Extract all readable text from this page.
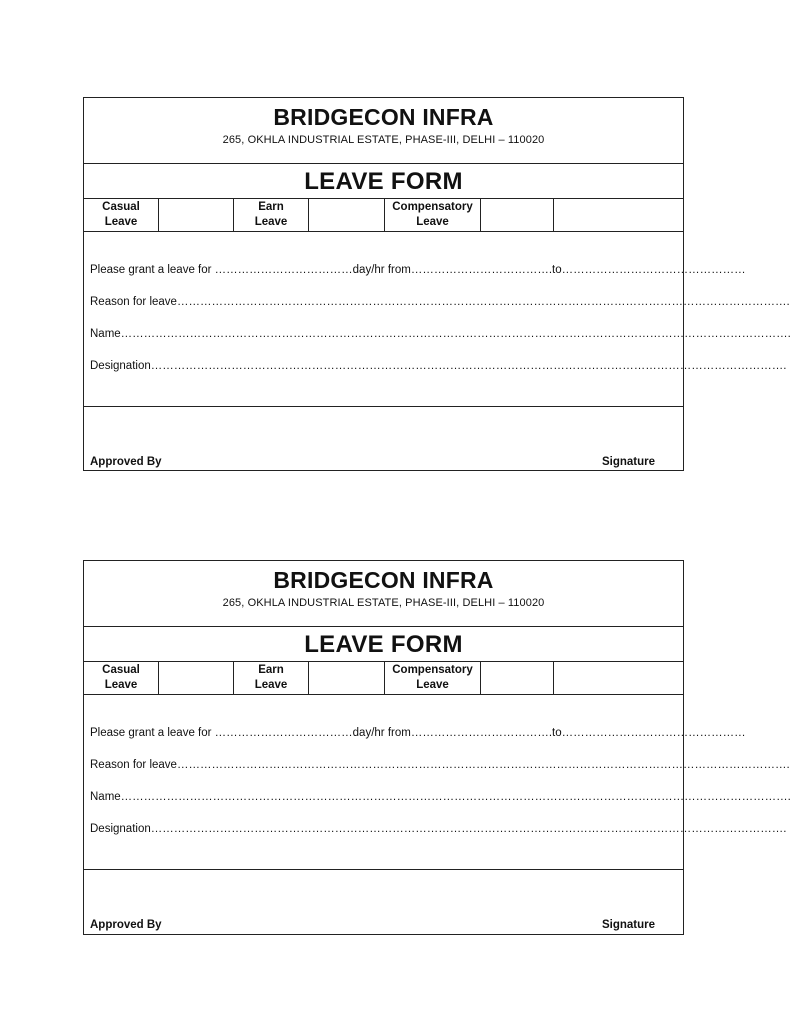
BRIDGECON INFRA
265, OKHLA INDUSTRIAL ESTATE, PHASE-III, DELHI – 110020
LEAVE FORM
Casual
Leave
Earn
Leave
Compensatory
Leave
Please grant a leave for ………………………………day/hr from……………………………….to…………………………………………
Reason for leave…………………………………………………………………………………………………………………………………………….
Name………………………………………………………………………………………………………………………………………………………….
Designation………………………………………………………………………………………………………………………………………………….
Approved By	Signature
BRIDGECON INFRA
265, OKHLA INDUSTRIAL ESTATE, PHASE-III, DELHI – 110020
LEAVE FORM
Casual
Leave
Earn
Leave
Compensatory
Leave
Please grant a leave for ………………………………day/hr from……………………………….to…………………………………………
Reason for leave…………………………………………………………………………………………………………………………………………….
Name………………………………………………………………………………………………………………………………………………………….
Designation………………………………………………………………………………………………………………………………………………….
Approved By	Signature
